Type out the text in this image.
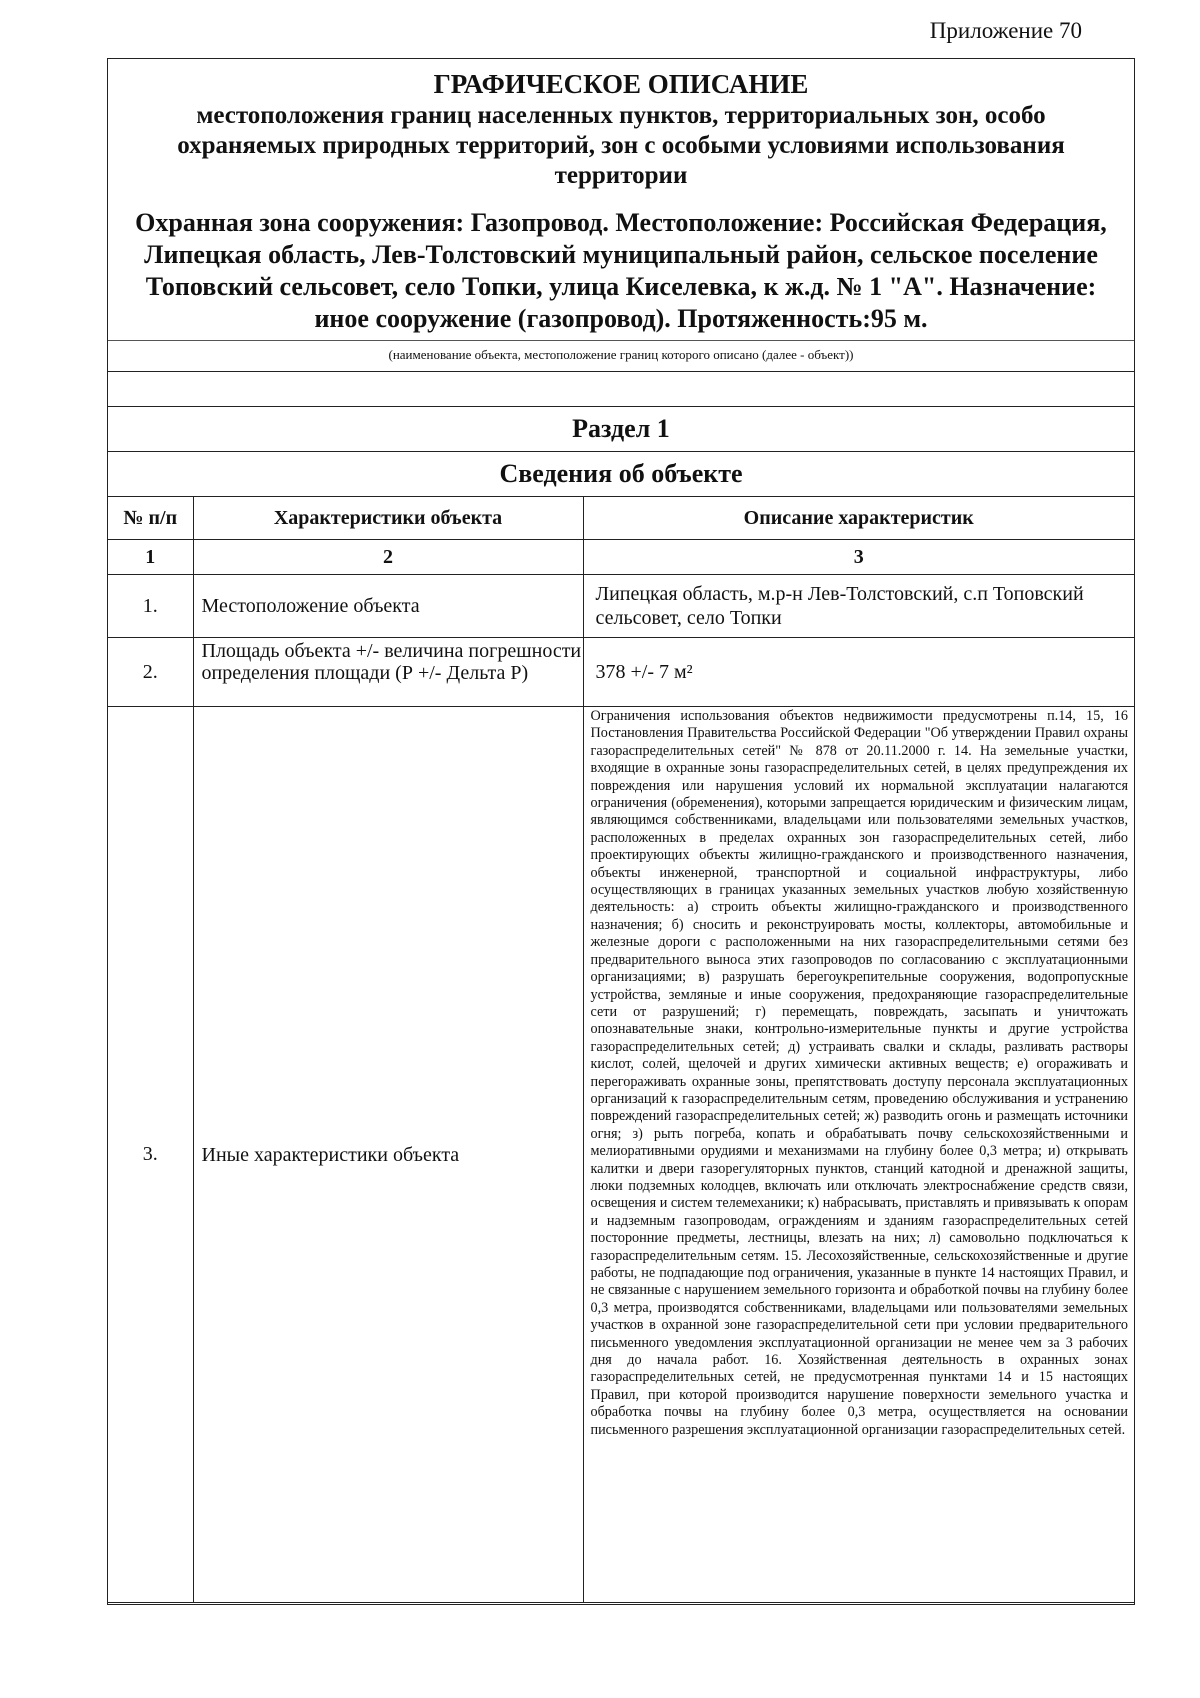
Приложение 70
ГРАФИЧЕСКОЕ ОПИСАНИЕ
местоположения границ населенных пунктов, территориальных зон, особо охраняемых природных территорий, зон с особыми условиями использования территории
Охранная зона сооружения: Газопровод. Местоположение: Российская Федерация, Липецкая область, Лев-Толстовский муниципальный район, сельское поселение Топовский сельсовет, село Топки, улица Киселевка, к ж.д. № 1 "А". Назначение: иное сооружение (газопровод). Протяженность:95 м.
(наименование объекта, местоположение границ которого описано (далее - объект))
Раздел 1
Сведения об объекте
№ п/п	Характеристики объекта	Описание характеристик
1	2	3
1.	Местоположение объекта	Липецкая область, м.р-н Лев-Толстовский, с.п Топовский сельсовет, село Топки
2.	Площадь объекта +/- величина погрешности определения площади (Р +/- Дельта Р)	378 +/- 7 м²
3.	Иные характеристики объекта	Ограничения использования объектов недвижимости предусмотрены п.14, 15, 16 Постановления Правительства Российской Федерации "Об утверждении Правил охраны газораспределительных сетей" № 878 от 20.11.2000 г. 14. На земельные участки, входящие в охранные зоны газораспределительных сетей, в целях предупреждения их повреждения или нарушения условий их нормальной эксплуатации налагаются ограничения (обременения), которыми запрещается юридическим и физическим лицам, являющимся собственниками, владельцами или пользователями земельных участков, расположенных в пределах охранных зон газораспределительных сетей, либо проектирующих объекты жилищно-гражданского и производственного назначения, объекты инженерной, транспортной и социальной инфраструктуры, либо осуществляющих в границах указанных земельных участков любую хозяйственную деятельность: а) строить объекты жилищно-гражданского и производственного назначения; б) сносить и реконструировать мосты, коллекторы, автомобильные и железные дороги с расположенными на них газораспределительными сетями без предварительного выноса этих газопроводов по согласованию с эксплуатационными организациями; в) разрушать берегоукрепительные сооружения, водопропускные устройства, земляные и иные сооружения, предохраняющие газораспределительные сети от разрушений; г) перемещать, повреждать, засыпать и уничтожать опознавательные знаки, контрольно-измерительные пункты и другие устройства газораспределительных сетей; д) устраивать свалки и склады, разливать растворы кислот, солей, щелочей и других химически активных веществ; е) огораживать и перегораживать охранные зоны, препятствовать доступу персонала эксплуатационных организаций к газораспределительным сетям, проведению обслуживания и устранению повреждений газораспределительных сетей; ж) разводить огонь и размещать источники огня; з) рыть погреба, копать и обрабатывать почву сельскохозяйственными и мелиоративными орудиями и механизмами на глубину более 0,3 метра; и) открывать калитки и двери газорегуляторных пунктов, станций катодной и дренажной защиты, люки подземных колодцев, включать или отключать электроснабжение средств связи, освещения и систем телемеханики; к) набрасывать, приставлять и привязывать к опорам и надземным газопроводам, ограждениям и зданиям газораспределительных сетей посторонние предметы, лестницы, влезать на них; л) самовольно подключаться к газораспределительным сетям. 15. Лесохозяйственные, сельскохозяйственные и другие работы, не подпадающие под ограничения, указанные в пункте 14 настоящих Правил, и не связанные с нарушением земельного горизонта и обработкой почвы на глубину более 0,3 метра, производятся собственниками, владельцами или пользователями земельных участков в охранной зоне газораспределительной сети при условии предварительного письменного уведомления эксплуатационной организации не менее чем за 3 рабочих дня до начала работ. 16. Хозяйственная деятельность в охранных зонах газораспределительных сетей, не предусмотренная пунктами 14 и 15 настоящих Правил, при которой производится нарушение поверхности земельного участка и обработка почвы на глубину более 0,3 метра, осуществляется на основании письменного разрешения эксплуатационной организации газораспределительных сетей.
